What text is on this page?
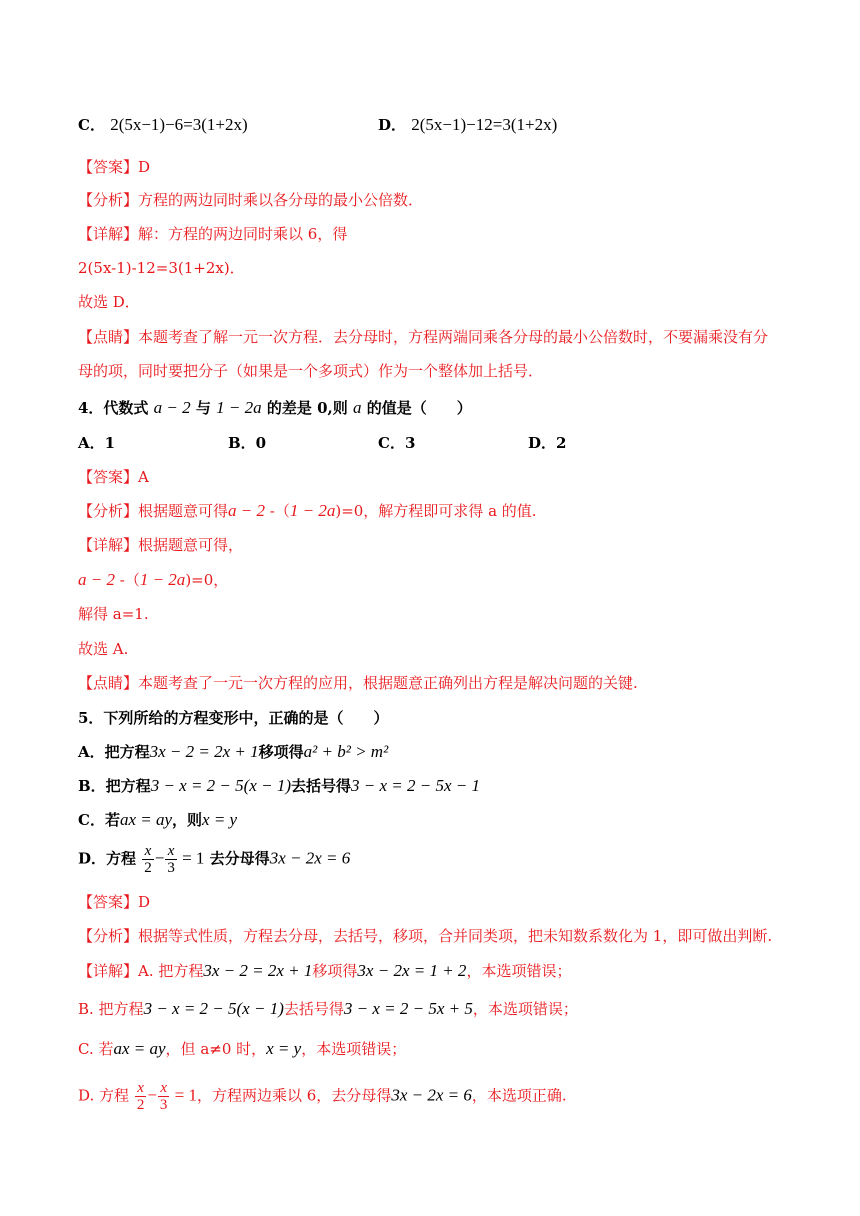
C． 2(5x−1)−6=3(1+2x)	D． 2(5x−1)−12=3(1+2x)
【答案】D
【分析】方程的两边同时乘以各分母的最小公倍数．
【详解】解：方程的两边同时乘以 6，得
2(5x-1)-12=3(1+2x)．
故选 D．
【点睛】本题考查了解一元一次方程．去分母时，方程两端同乘各分母的最小公倍数时，不要漏乘没有分
母的项，同时要把分子（如果是一个多项式）作为一个整体加上括号．
4．代数式 a − 2 与 1 − 2a 的差是 0,则 a 的值是（　　）
A．1	B．0	C．3	D．2
【答案】A
【分析】根据题意可得a − 2 -（1 − 2a)=0，解方程即可求得 a 的值.
【详解】根据题意可得，
a − 2 -（1 − 2a)=0，
解得 a=1.
故选 A.
【点睛】本题考查了一元一次方程的应用，根据题意正确列出方程是解决问题的关键.
5．下列所给的方程变形中，正确的是（　　）
A．把方程3x − 2 = 2x + 1移项得a² + b² > m²
B．把方程3 − x = 2 − 5(x − 1)去括号得3 − x = 2 − 5x − 1
C．若ax = ay，则x = y
D．方程 $\frac{x}{2} - \frac{x}{3} = 1$ 去分母得3x − 2x = 6
【答案】D
【分析】根据等式性质，方程去分母，去括号，移项，合并同类项，把未知数系数化为 1，即可做出判断.
【详解】A. 把方程3x − 2 = 2x + 1移项得3x − 2x = 1 + 2，本选项错误；
B. 把方程3 − x = 2 − 5(x − 1)去括号得3 − x = 2 − 5x + 5，本选项错误；
C. 若ax = ay，但 a≠0 时，x = y，本选项错误；
D. 方程 $\frac{x}{2} - \frac{x}{3} = 1$，方程两边乘以 6，去分母得3x − 2x = 6，本选项正确.
